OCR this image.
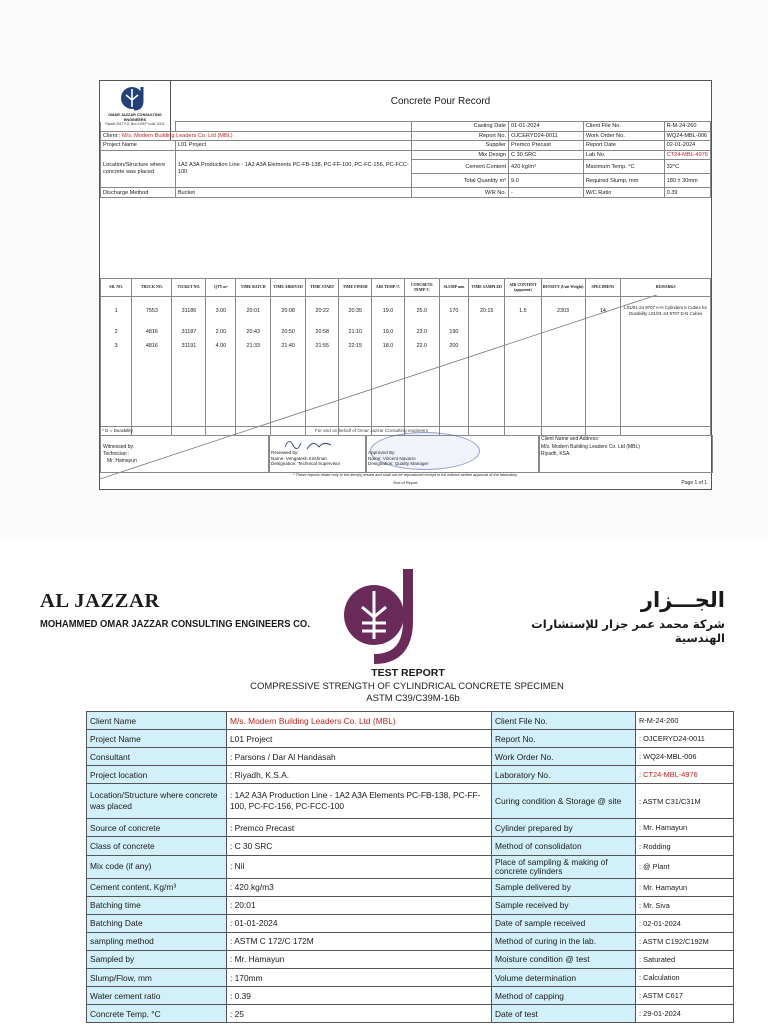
OMAR JAZZAR CONSULTING ENGINEERS
Riyadh 2017 P.O. Box 4195 P code 11511
Concrete Pour Record
		Casting Date	01-01-2024	Client File No.	R-M-24-260
Client : M/s. Modern Building Leaders Co. Ltd (MBL)		Report No.	OJCERYD24-0011	Work Order No.	WQ24-MBL-006
Project Name	L01 Project	Supplier	Premco Precast	Report Date	02-01-2024
Location/Structure where concrete was placed	1A2 A3A Production Line - 1A2 A3A Elements PC-FB-138, PC-FF-100, PC-FC-156, PC-FCC-100	Mix Design	C 30 SRC	Lab No.	CT24-MBL-4976
		Cement Content	420 kg/m³	Maximum Temp. °C	32°C
		Total Quantity m³	9.0	Required Slump, mm	180 ± 30mm
Discharge Method	Bucket	W/R No.	-	W/C Ratio	0.39
SR. NO.	TRUCK NO.	TICKET NO.	QTY m³	TIME BATCH	TIME ARRIVED	TIME START	TIME FINISH	AIR TEMP.°C	CONCRETE TEMP.°C	SLUMP mm	TIME SAMPLED	AIR CONTENT (apparent)	DENSITY (Unit Weight)	SPECIMENS	REMARKS
1	7553	31186	3.00	20:01	20:08	20:22	20:35	19.0	25.0	170	20:15	1.5	2303	14	L01/01-24 9707 A-H Cylinders 6 Cubes for Durability L01/01-24 9707 D-N Cubes
2	4816	31187	2.00	20:43	20:50	20:58	21:10	19.0	23.0	190					
3	4816	31191	4.00	21:33	21:40	21:55	22:15	18.0	22.0	200					

* D = Durability	For and on behalf of Omar Jazzar Consulting engineers
Witnessed by:
Technician :
Mr. Hamayun
Reviewed by:
Name: Vengatesh Krishnan
Designation: Technical Supervisor
Approved By:
Name: Vincent Navarro
Designation: Quality Manager
Client Name and Address:
M/s. Modern Building Leaders Co. Ltd (MBL)
Riyadh, KSA.
* These reports relate only to the item(s) tested and shall not be reproduced except in full without written approval of the laboratory.
End of Report	Page 1 of 1
AL JAZZAR
MOHAMMED OMAR JAZZAR CONSULTING ENGINEERS CO.
الجـــزار
شركة محمد عمر جزار للإستشارات الهندسية
TEST REPORT
COMPRESSIVE STRENGTH OF CYLINDRICAL CONCRETE SPECIMEN
ASTM C39/C39M-16b
Client Name	M/s. Modern Building Leaders Co. Ltd (MBL)	Client File No.	R-M-24-260
Project Name	L01 Project	Report No.	: OJCERYD24-0011
Consultant	: Parsons / Dar Al Handasah	Work Order No.	: WQ24-MBL-006
Project location	: Riyadh, K.S.A.	Laboratory No.	: CT24-MBL-4976
Location/Structure where concrete was placed	: 1A2 A3A Production Line - 1A2 A3A Elements PC-FB-138, PC-FF-100, PC-FC-156, PC-FCC-100	Curing condition & Storage @ site	: ASTM C31/C31M
Source of concrete	: Premco Precast	Cylinder prepared by	: Mr. Hamayun
Class of concrete	: C 30 SRC	Method of consolidaton	: Rodding
Mix code (if any)	: Nil	Place of sampling & making of concrete cylinders	: @ Plant
Cement content, Kg/m³	: 420 kg/m3	Sample delivered by	: Mr. Hamayun
Batching time	: 20:01	Sample received by	: Mr. Siva
Batching Date	: 01-01-2024	Date of sample received	: 02-01-2024
sampling method	: ASTM C 172/C 172M	Method of curing in the lab.	: ASTM C192/C192M
Sampled by	: Mr. Hamayun	Moisture condition @ test	: Saturated
Slump/Flow, mm	: 170mm	Volume determination	: Calculation
Water cement ratio	: 0.39	Method of capping	: ASTM C617
Concrete Temp. °C	: 25	Date of test	: 29-01-2024
